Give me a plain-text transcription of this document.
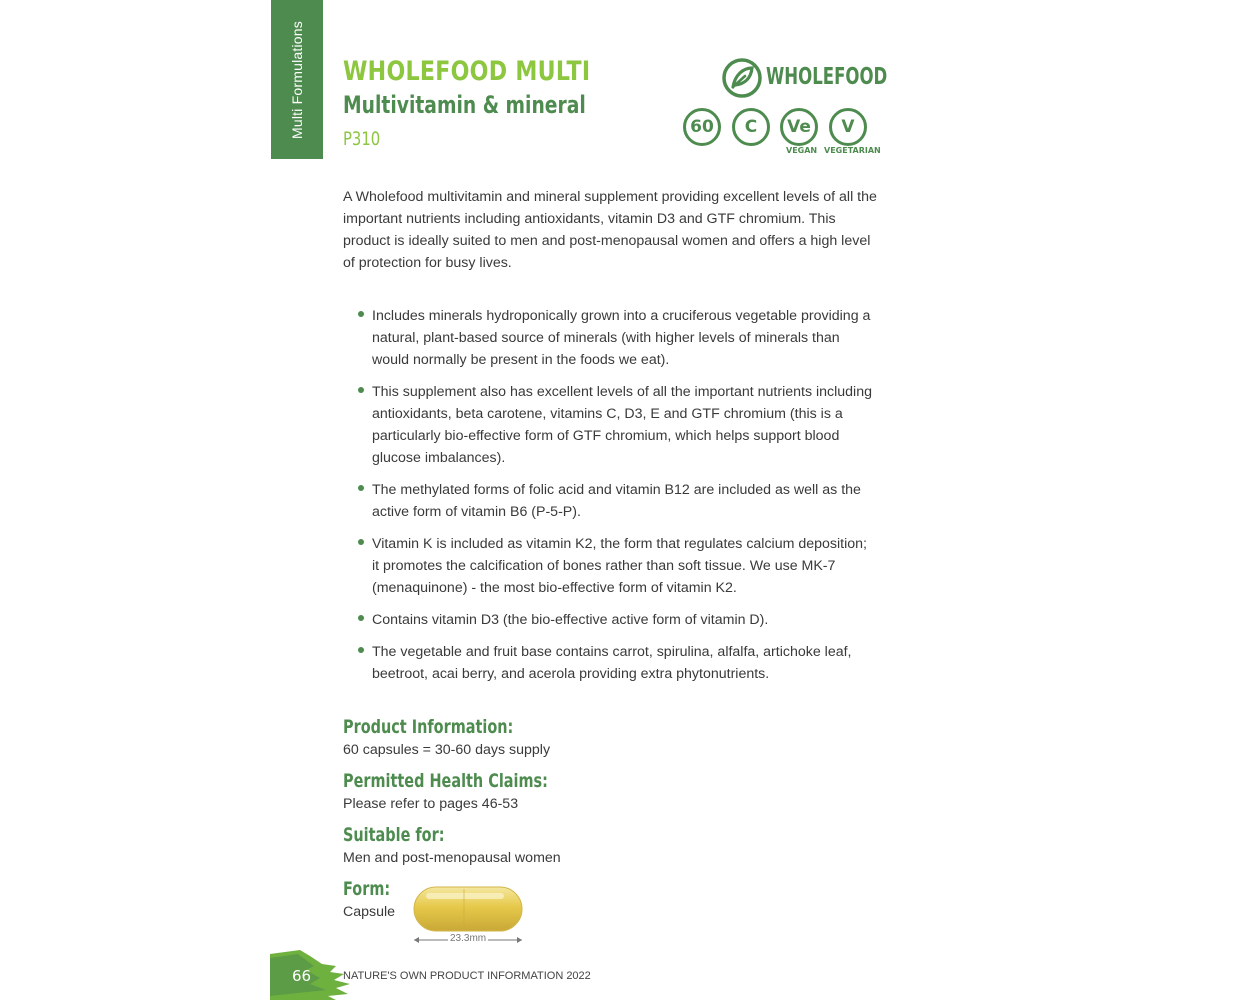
Multi Formulations WHOLEFOOD MULTI
Multivitamin & mineral
P310
WHOLEFOOD
60	C	Ve	V
VEGAN VEGETARIAN

A Wholefood multivitamin and mineral supplement providing excellent levels of all the important nutrients including antioxidants, vitamin D3 and GTF chromium. This product is ideally suited to men and post-menopausal women and offers a high level of protection for busy lives.

Includes minerals hydroponically grown into a cruciferous vegetable providing a natural, plant-based source of minerals (with higher levels of minerals than would normally be present in the foods we eat).
This supplement also has excellent levels of all the important nutrients including antioxidants, beta carotene, vitamins C, D3, E and GTF chromium (this is a particularly bio-effective form of GTF chromium, which helps support blood glucose imbalances).
The methylated forms of folic acid and vitamin B12 are included as well as the active form of vitamin B6 (P-5-P).
Vitamin K is included as vitamin K2, the form that regulates calcium deposition; it promotes the calcification of bones rather than soft tissue. We use MK-7 (menaquinone) - the most bio-effective form of vitamin K2.
Contains vitamin D3 (the bio-effective active form of vitamin D).
The vegetable and fruit base contains carrot, spirulina, alfalfa, artichoke leaf, beetroot, acai berry, and acerola providing extra phytonutrients.
Product Information:
60 capsules = 30-60 days supply
Permitted Health Claims:
Please refer to pages 46-53
Suitable for:
Men and post-menopausal women
Form:
Capsule
23.3mm
66	NATURE'S OWN PRODUCT INFORMATION 2022
